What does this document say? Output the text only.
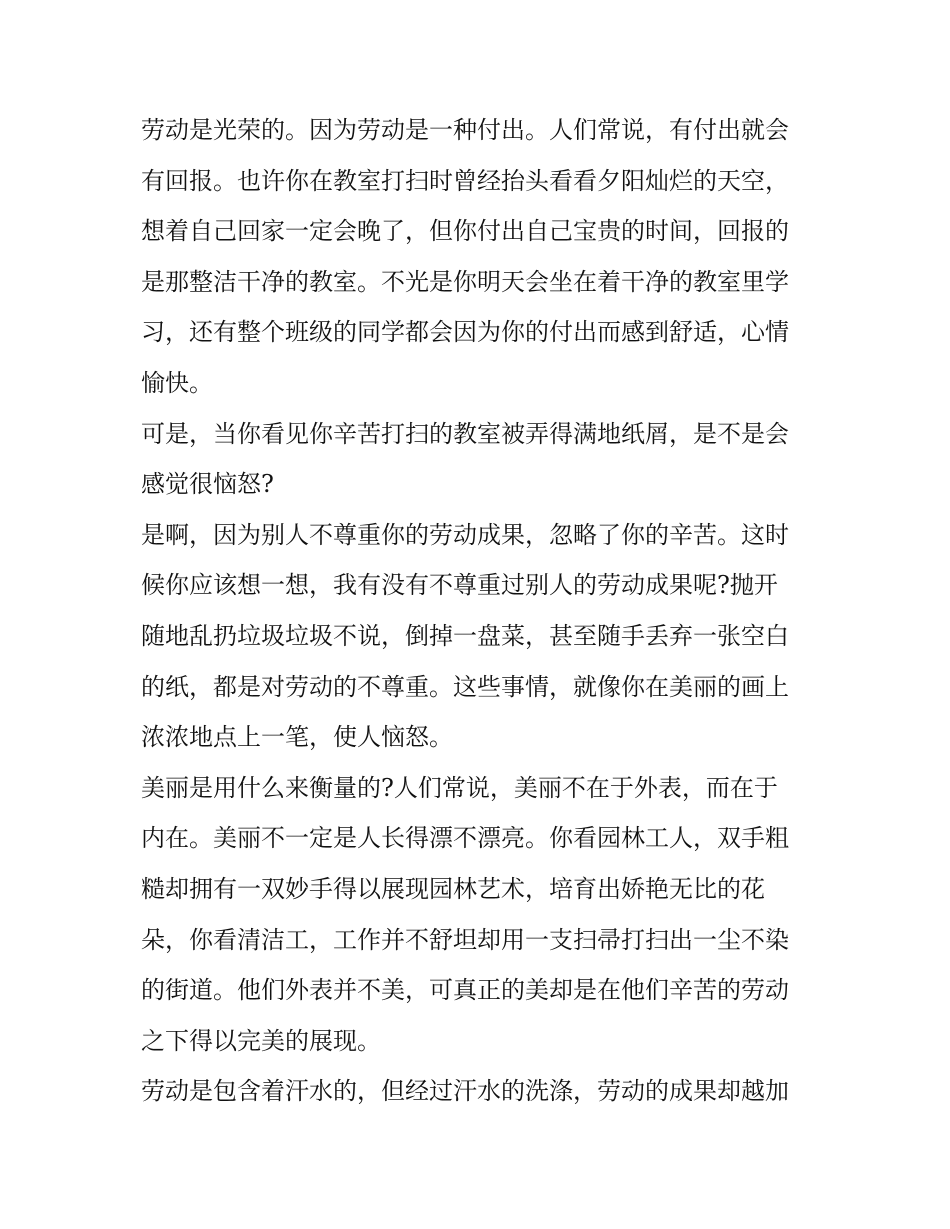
劳动是光荣的。因为劳动是一种付出。人们常说，有付出就会
有回报。也许你在教室打扫时曾经抬头看看夕阳灿烂的天空，
想着自己回家一定会晚了，但你付出自己宝贵的时间，回报的
是那整洁干净的教室。不光是你明天会坐在着干净的教室里学
习，还有整个班级的同学都会因为你的付出而感到舒适，心情
愉快。
可是，当你看见你辛苦打扫的教室被弄得满地纸屑，是不是会
感觉很恼怒?
是啊，因为别人不尊重你的劳动成果，忽略了你的辛苦。这时
候你应该想一想，我有没有不尊重过别人的劳动成果呢?抛开
随地乱扔垃圾垃圾不说，倒掉一盘菜，甚至随手丢弃一张空白
的纸，都是对劳动的不尊重。这些事情，就像你在美丽的画上
浓浓地点上一笔，使人恼怒。
美丽是用什么来衡量的?人们常说，美丽不在于外表，而在于
内在。美丽不一定是人长得漂不漂亮。你看园林工人，双手粗
糙却拥有一双妙手得以展现园林艺术，培育出娇艳无比的花
朵，你看清洁工，工作并不舒坦却用一支扫帚打扫出一尘不染
的街道。他们外表并不美，可真正的美却是在他们辛苦的劳动
之下得以完美的展现。
劳动是包含着汗水的，但经过汗水的洗涤，劳动的成果却越加
